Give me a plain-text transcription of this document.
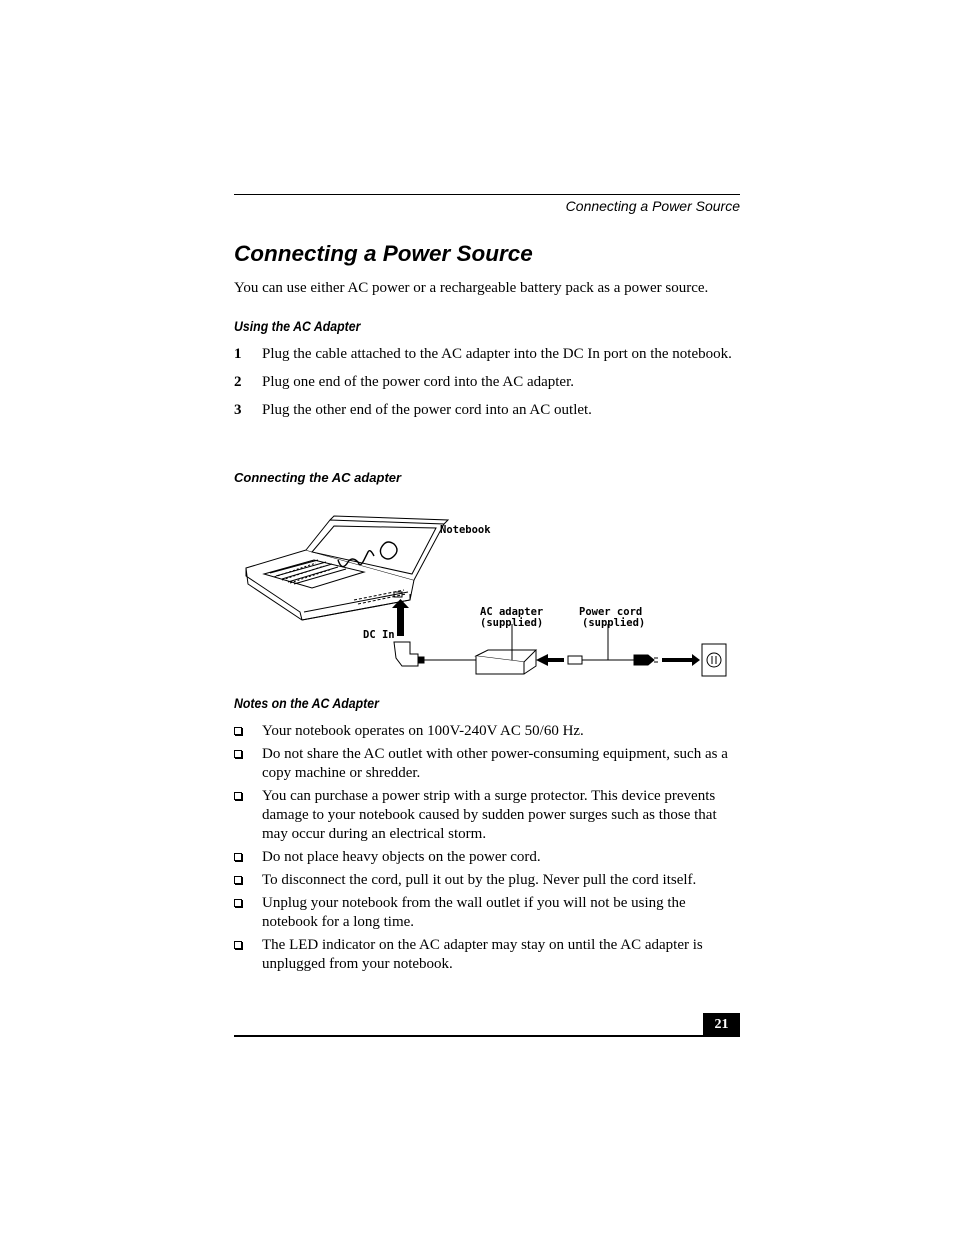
Connecting a Power Source
Connecting a Power Source
You can use either AC power or a rechargeable battery pack as a power source.
Using the AC Adapter
1 Plug the cable attached to the AC adapter into the DC In port on the notebook.
2 Plug one end of the power cord into the AC adapter.
3 Plug the other end of the power cord into an AC outlet.
Connecting the AC adapter
Notebook
AC adapter
(supplied)
Power cord
(supplied)
DC In
Notes on the AC Adapter
Your notebook operates on 100V-240V AC 50/60 Hz.
Do not share the AC outlet with other power-consuming equipment, such as a copy machine or shredder.
You can purchase a power strip with a surge protector. This device prevents damage to your notebook caused by sudden power surges such as those that may occur during an electrical storm.
Do not place heavy objects on the power cord.
To disconnect the cord, pull it out by the plug. Never pull the cord itself.
Unplug your notebook from the wall outlet if you will not be using the notebook for a long time.
The LED indicator on the AC adapter may stay on until the AC adapter is unplugged from your notebook.
21
